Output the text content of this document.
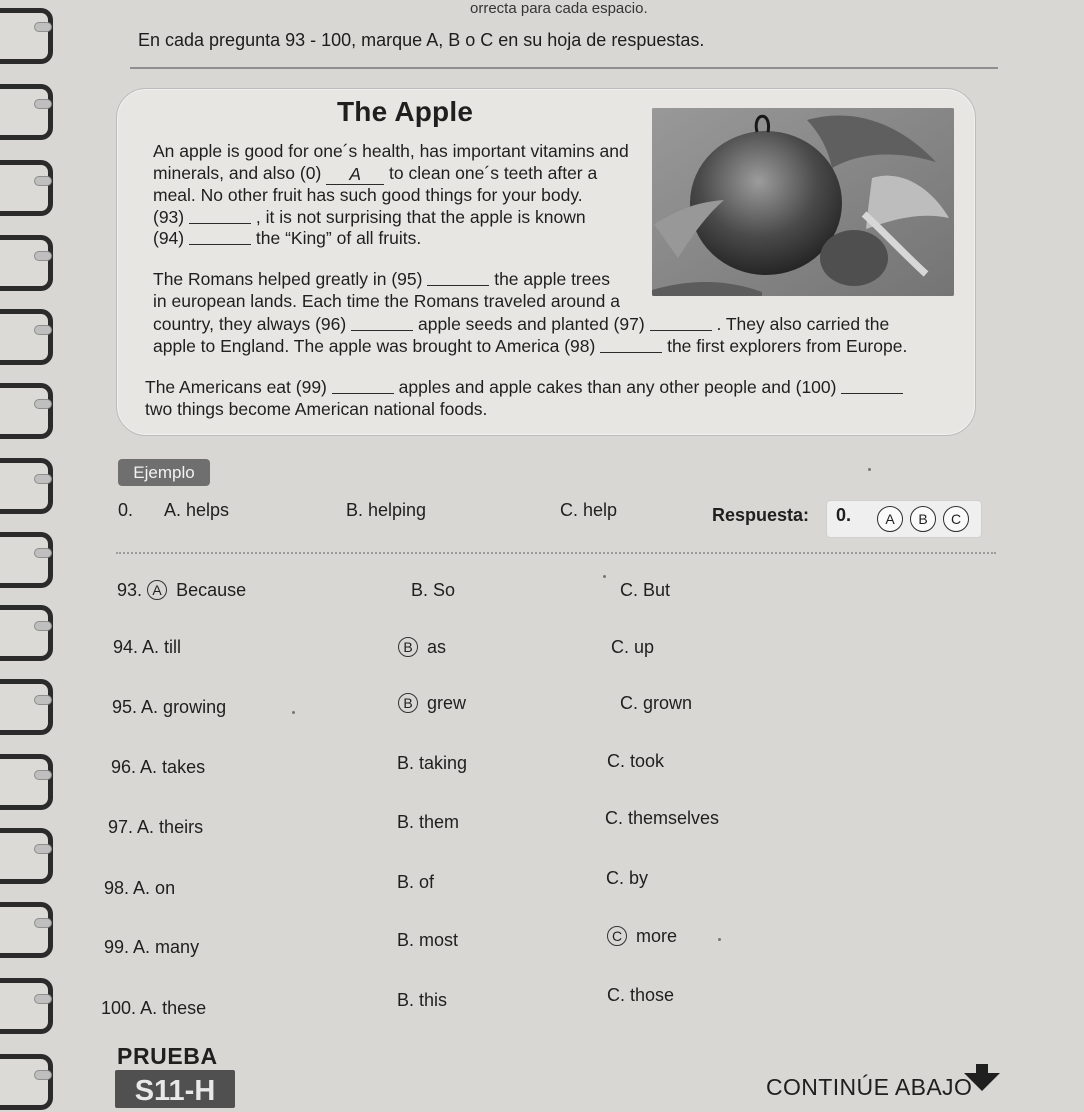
orrecta para cada espacio.
En cada pregunta 93 - 100, marque A, B o C en su hoja de respuestas.
The Apple
An apple is good for one´s health, has important vitamins and
minerals, and also (0) A to clean one´s teeth after a
meal. No other fruit has such good things for your body.
(93)	, it is not surprising that the apple is known
(94)	the “King” of all fruits.
The Romans helped greatly in (95)	the apple trees
in european lands. Each time the Romans traveled around a
country, they always (96)	apple seeds and planted (97)	. They also carried the
apple to England. The apple was brought to America (98)	the first explorers from Europe.
The Americans eat (99)	apples and apple cakes than any other people and (100)
two things become American national foods.
Ejemplo
0. A. helps	B. helping	C. help	Respuesta: 0.	A	B	C
93. A Because	B. So	C. But
94. A. till	B as	C. up
95. A. growing	B grew	C. grown
96. A. takes	B. taking	C. took
97. A. theirs	B. them	C. themselves
98. A. on	B. of	C. by
99. A. many	B. most	C more
100. A. these	B. this	C. those
PRUEBA
S11-H	CONTINÚE ABAJO
